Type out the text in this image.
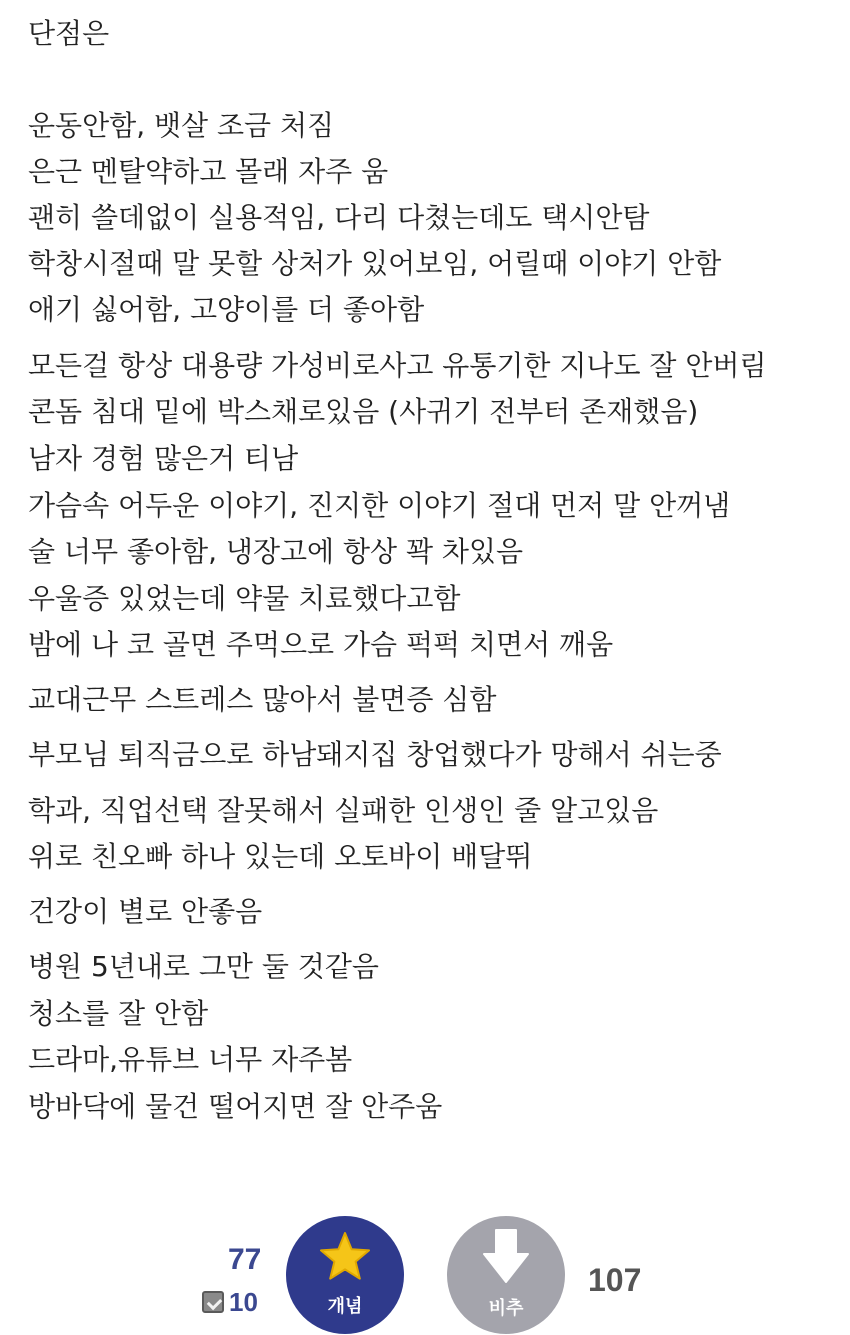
단점은
운동안함, 뱃살 조금 처짐
은근 멘탈약하고 몰래 자주 움
괜히 쓸데없이 실용적임, 다리 다쳤는데도 택시안탐
학창시절때 말 못할 상처가 있어보임, 어릴때 이야기 안함
애기 싫어함, 고양이를 더 좋아함
모든걸 항상 대용량 가성비로사고 유통기한 지나도 잘 안버림
콘돔 침대 밑에 박스채로있음 (사귀기 전부터 존재했음)
남자 경험 많은거 티남
가슴속 어두운 이야기, 진지한 이야기 절대 먼저 말 안꺼냄
술 너무 좋아함, 냉장고에 항상 꽉 차있음
우울증 있었는데 약물 치료했다고함
밤에 나 코 골면 주먹으로 가슴 퍽퍽 치면서 깨움
교대근무 스트레스 많아서 불면증 심함
부모님 퇴직금으로 하남돼지집 창업했다가 망해서 쉬는중
학과, 직업선택 잘못해서 실패한 인생인 줄 알고있음
위로 친오빠 하나 있는데 오토바이 배달뛰
건강이 별로 안좋음
병원 5년내로 그만 둘 것같음
청소를 잘 안함
드라마,유튜브 너무 자주봄
방바닥에 물건 떨어지면 잘 안주움
77
10	개념	비추
107
